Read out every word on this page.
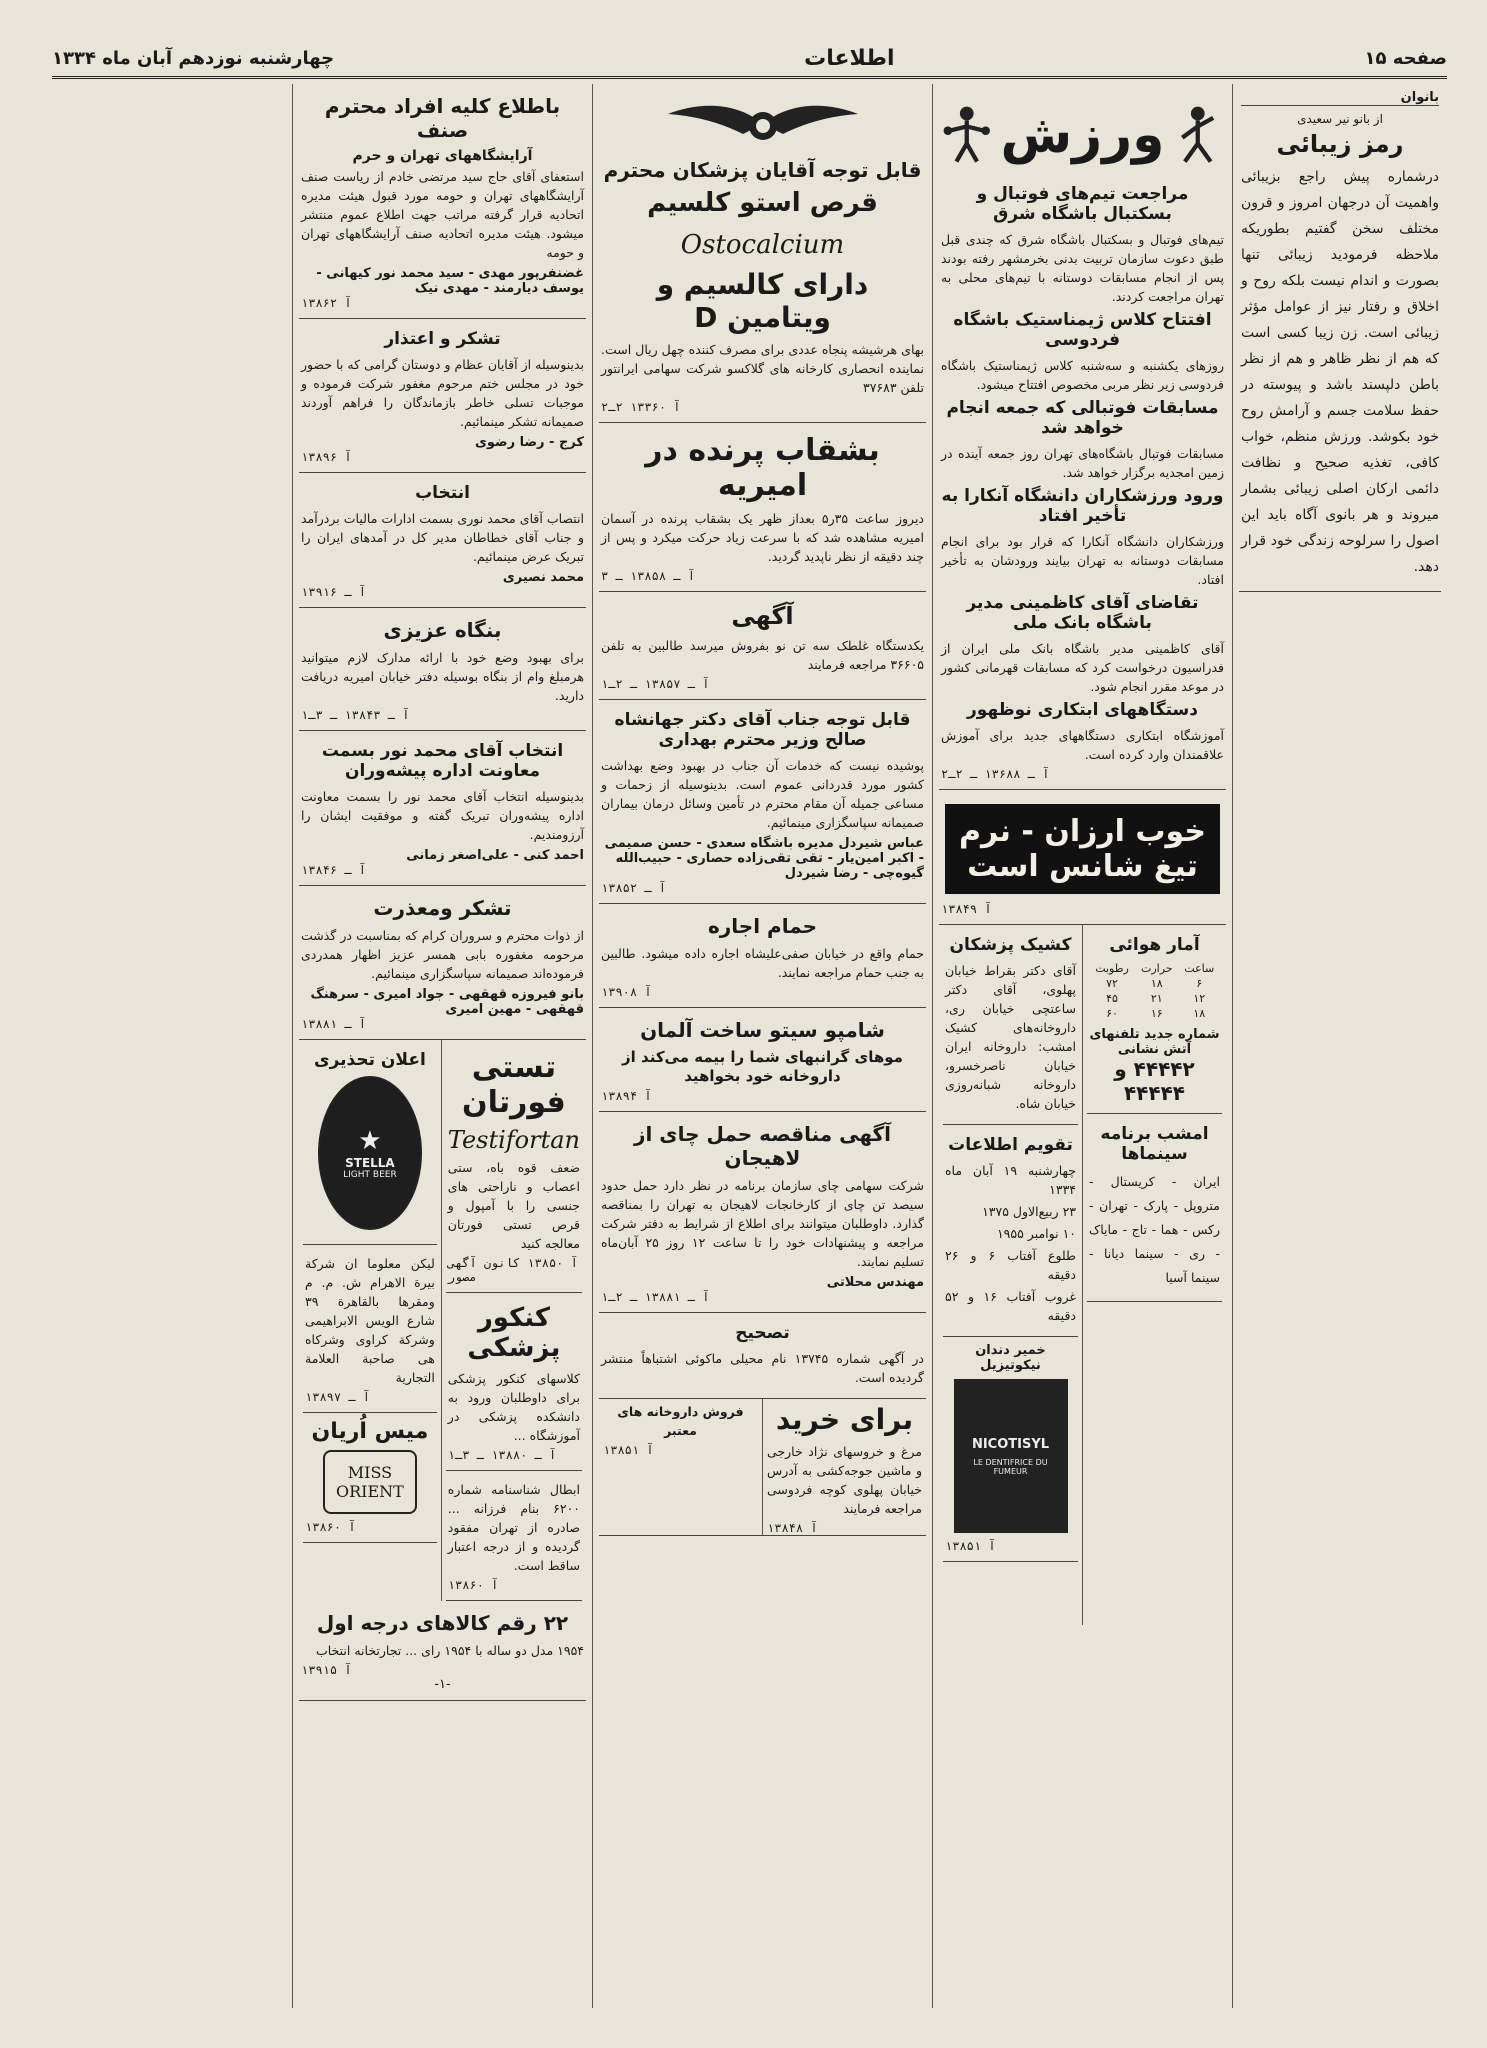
صفحه ۱۵
اطلاعات
چهارشنبه نوزدهم آبان ماه ۱۳۳۴
بانوان
از بانو نیر سعیدی
رمز زیبائی

درشماره پیش راجع بزیبائی واهمیت آن درجهان امروز و قرون مختلف سخن گفتیم بطوریکه ملاحظه فرمودید زیبائی تنها بصورت و اندام نیست بلکه روح و اخلاق و رفتار نیز از عوامل مؤثر زیبائی است. زن زیبا کسی است که هم از نظر ظاهر و هم از نظر باطن دلپسند باشد و پیوسته در حفظ سلامت جسم و آرامش روح خود بکوشد. ورزش منظم، خواب کافی، تغذیه صحیح و نظافت دائمی ارکان اصلی زیبائی بشمار میروند و هر بانوی آگاه باید این اصول را سرلوحه زندگی خود قرار دهد.

ورزش
مراجعت تیم‌های فوتبال و بسکتبال باشگاه شرق

تیم‌های فوتبال و بسکتبال باشگاه شرق که چندی قبل طبق دعوت سازمان تربیت بدنی بخرمشهر رفته بودند پس از انجام مسابقات دوستانه با تیم‌های محلی به تهران مراجعت کردند.

افتتاح کلاس ژیمناستیک باشگاه فردوسی

روزهای یکشنبه و سه‌شنبه کلاس ژیمناستیک باشگاه فردوسی زیر نظر مربی مخصوص افتتاح میشود.

مسابقات فوتبالی که جمعه انجام خواهد شد

مسابقات فوتبال باشگاه‌های تهران روز جمعه آینده در زمین امجدیه برگزار خواهد شد.

ورود ورزشکاران دانشگاه آنکارا به تأخیر افتاد

ورزشکاران دانشگاه آنکارا که قرار بود برای انجام مسابقات دوستانه به تهران بیایند ورودشان به تأخیر افتاد.

تقاضای آقای کاظمینی مدیر باشگاه بانک ملی

آقای کاظمینی مدیر باشگاه بانک ملی ایران از فدراسیون درخواست کرد که مسابقات قهرمانی کشور در موعد مقرر انجام شود.

دستگاههای ابتکاری نوظهور

آموزشگاه ابتکاری دستگاههای جدید برای آموزش علاقمندان وارد کرده است.

آ ـ ۱۳۶۸۸ ـ ۲ـ۲
خوب ارزان - نرم تیغ شانس است
آ ۱۳۸۴۹
آمار هوائی
ساعت	حرارت	رطوبت
۶	۱۸	۷۲
۱۲	۲۱	۴۵
۱۸	۱۶	۶۰
شماره جدید تلفنهای آتش نشانی
۴۴۴۴۲ و ۴۴۴۴۴
امشب برنامه سینماها

ایران - کریستال - متروپل - پارک - تهران - رکس - هما - تاج - مایاک - ری - سینما دیانا - سینما آسیا

کشیک پزشکان

آقای دکتر بقراط خیابان پهلوی، آقای دکتر ساعتچی خیابان ری، داروخانه‌های کشیک امشب: داروخانه ایران خیابان ناصرخسرو، داروخانه شبانه‌روزی خیابان شاه.

تقویم اطلاعات

چهارشنبه ۱۹ آبان ماه ۱۳۳۴

۲۳ ربیع‌الاول ۱۳۷۵

۱۰ نوامبر ۱۹۵۵

طلوع آفتاب ۶ و ۲۶ دقیقه

غروب آفتاب ۱۶ و ۵۲ دقیقه

خمیر دندان نیکوتیزیل
NICOTISYL
LE DENTIFRICE DU FUMEUR
آ ۱۳۸۵۱
قابل توجه آقایان پزشکان محترم
قرص استو کلسیم
Ostocalcium
دارای کالسیم و ویتامین D

بهای هرشیشه پنجاه عددی برای مصرف کننده چهل ریال است. نماینده انحصاری کارخانه های گلاکسو شرکت سهامی ایرانتور تلفن ۳۷۶۸۳

آ ۱۳۳۶۰ ۲ـ۲
بشقاب پرنده در امیریه

دیروز ساعت ۳۵ر۵ بعداز ظهر یک بشقاب پرنده در آسمان امیریه مشاهده شد که با سرعت زیاد حرکت میکرد و پس از چند دقیقه از نظر ناپدید گردید.

آ ـ ۱۳۸۵۸ ـ ۳
آگهی

یکدستگاه غلطک سه تن نو بفروش میرسد طالبین به تلفن ۳۶۶۰۵ مراجعه فرمایند

آ ـ ۱۳۸۵۷ ـ ۲ـ۱
قابل توجه جناب آقای دکتر جهانشاه صالح وزیر محترم بهداری

پوشیده نیست که خدمات آن جناب در بهبود وضع بهداشت کشور مورد قدردانی عموم است. بدینوسیله از زحمات و مساعی جمیله آن مقام محترم در تأمین وسائل درمان بیماران صمیمانه سپاسگزاری مینمائیم.

عباس شیردل مدیره باشگاه سعدی - حسن صمیمی - اکبر امین‌یار - تقی تقی‌زاده حصاری - حبیب‌الله گیوه‌چی - رضا شیردل
آ ـ ۱۳۸۵۲
حمام اجاره

حمام واقع در خیابان صفی‌علیشاه اجاره داده میشود. طالبین به جنب حمام مراجعه نمایند.

آ ۱۳۹۰۸
شامپو سیتو ساخت آلمان

موهای گرانبهای شما را بیمه می‌کند از داروخانه خود بخواهید

آ ۱۳۸۹۴
آگهی مناقصه حمل چای از لاهیجان

شرکت سهامی چای سازمان برنامه در نظر دارد حمل حدود سیصد تن چای از کارخانجات لاهیجان به تهران را بمناقصه گذارد. داوطلبان میتوانند برای اطلاع از شرایط به دفتر شرکت مراجعه و پیشنهادات خود را تا ساعت ۱۲ روز ۲۵ آبان‌ماه تسلیم نمایند.

مهندس محلاتی
آ ـ ۱۳۸۸۱ ـ ۲ـ۱
تصحیح

در آگهی شماره ۱۳۷۴۵ نام محیلی ماکوئی اشتباهاً منتشر گردیده است.

برای خرید

مرغ و خروسهای نژاد خارجی و ماشین جوجه‌کشی به آدرس خیابان پهلوی کوچه فردوسی مراجعه فرمایند

آ ۱۳۸۴۸

فروش داروخانه های معتبر

آ ۱۳۸۵۱
باطلاع کلیه افراد محترم صنف
آرایشگاههای تهران و حرم

استعفای آقای حاج سید مرتضی خادم از ریاست صنف آرایشگاههای تهران و حومه مورد قبول هیئت مدیره اتحادیه قرار گرفته مراتب جهت اطلاع عموم منتشر میشود. هیئت مدیره اتحادیه صنف آرایشگاههای تهران و حومه

غضنفرپور مهدی - سید محمد نور کیهانی - یوسف دیارمند - مهدی نیک
آ ۱۳۸۶۲
تشکر و اعتذار

بدینوسیله از آقایان عظام و دوستان گرامی که با حضور خود در مجلس ختم مرحوم مغفور شرکت فرموده و موجبات تسلی خاطر بازماندگان را فراهم آوردند صمیمانه تشکر مینمائیم.

کرج - رضا رضوی
آ ۱۳۸۹۶
انتخاب

انتصاب آقای محمد نوری بسمت ادارات مالیات بردرآمد و جناب آقای خطاطان مدیر کل در آمدهای ایران را تبریک عرض مینمائیم.

محمد نصیری
آ ـ ۱۳۹۱۶
بنگاه عزیزی

برای بهبود وضع خود با ارائه مدارک لازم میتوانید هرمبلغ وام از بنگاه بوسیله دفتر خیابان امیریه دریافت دارید.

آ ـ ۱۳۸۴۳ ـ ۳ـ۱
انتخاب آقای محمد نور بسمت معاونت اداره پیشه‌وران

بدینوسیله انتخاب آقای محمد نور را بسمت معاونت اداره پیشه‌وران تبریک گفته و موفقیت ایشان را آرزومندیم.

احمد کنی - علی‌اصغر زمانی
آ ـ ۱۳۸۴۶
تشکر ومعذرت

از ذوات محترم و سروران کرام که بمناسبت در گذشت مرحومه مغفوره بابی همسر عزیز اظهار همدردی فرموده‌اند صمیمانه سپاسگزاری مینمائیم.

بانو فیروزه قهقهی - جواد امیری - سرهنگ قهقهی - مهین امیری
آ ـ ۱۳۸۸۱
تستی فورتان
Testifortan

ضعف قوه باه، ستی اعصاب و ناراحتی های جنسی را با آمپول و قرص تستی فورتان معالجه کنید

آ ۱۳۸۵۰ کانون آگهی مصور
کنکور پزشکی

کلاسهای کنکور پزشکی برای داوطلبان ورود به دانشکده پزشکی در آموزشگاه ...

آ ـ ۱۳۸۸۰ ـ ۳ـ۱

ابطال شناسنامه شماره ۶۲۰۰ بنام فرزانه ... صادره از تهران مفقود گردیده و از درجه اعتبار ساقط است.

آ ۱۳۸۶۰
اعلان تحذیری
★
STELLA
LIGHT BEER

لیکن معلوما ان شرکة بیرة الاهرام ش. م. م ومقرها بالقاهرة ۳۹ شارع الویس الابراهیمی وشرکة کراوی وشرکاه هی صاحبة العلامة التجاریة

آ ـ ۱۳۸۹۷
میس اُریان
MISS
ORIENT
آ ۱۳۸۶۰
۲۲ رقم کالاهای درجه اول

۱۹۵۴ مدل دو ساله با ۱۹۵۴ رای ... تجارتخانه انتخاب

آ ۱۳۹۱۵
-۱-
